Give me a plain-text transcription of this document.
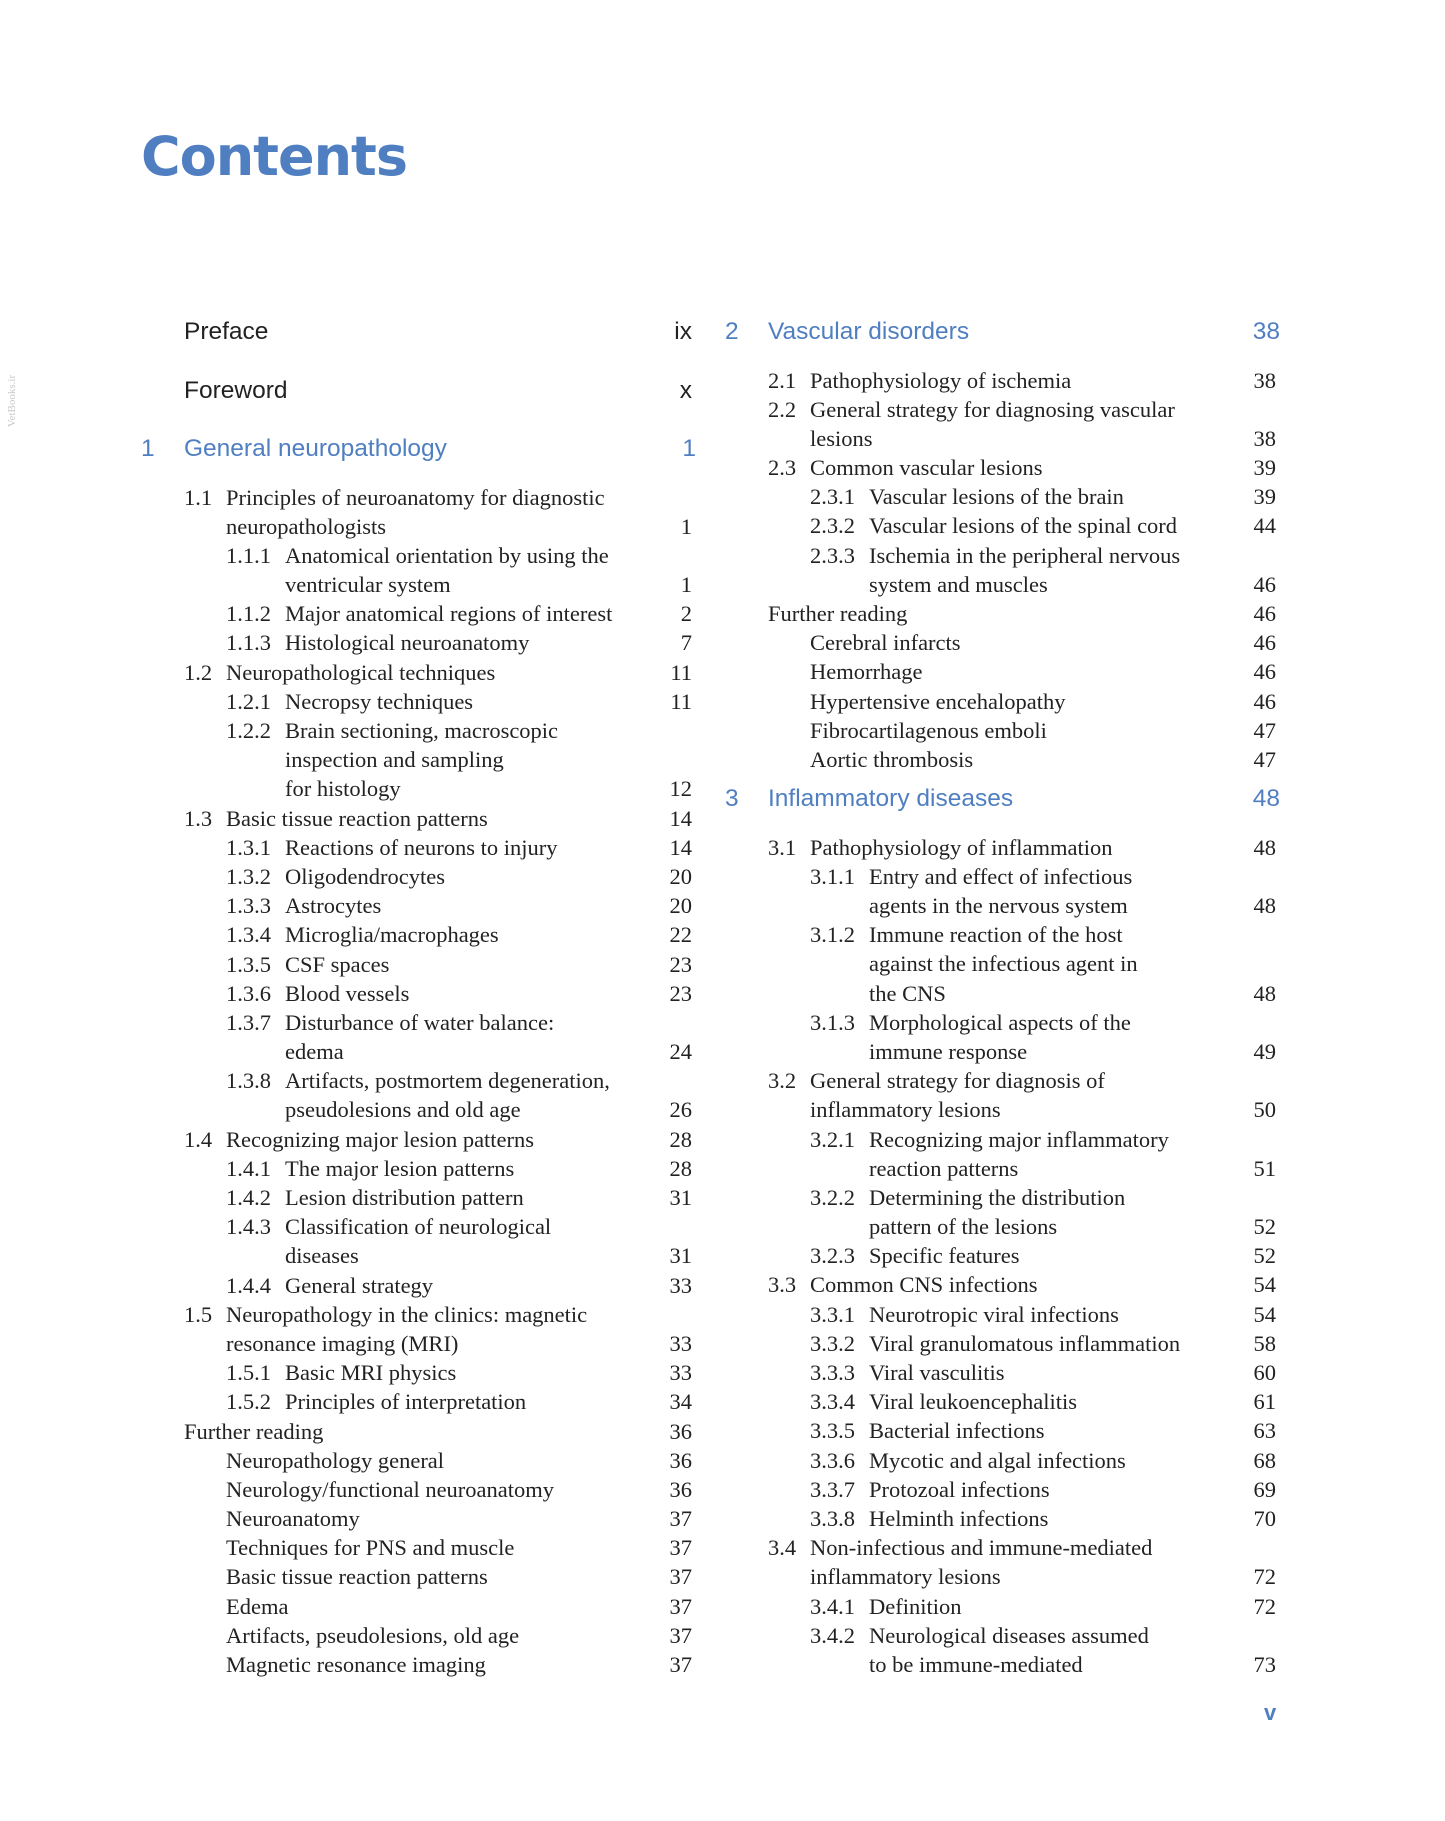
VetBooks.ir
Contents
Preface	ix
Foreword	x
1 General neuropathology	1
1.1 Principles of neuroanatomy for diagnostic
neuropathologists	1
1.1.1 Anatomical orientation by using the
ventricular system	1
1.1.2 Major anatomical regions of interest	2
1.1.3 Histological neuroanatomy	7
1.2 Neuropathological techniques	11
1.2.1 Necropsy techniques	11
1.2.2 Brain sectioning, macroscopic
inspection and sampling
for histology	12
1.3 Basic tissue reaction patterns	14
1.3.1 Reactions of neurons to injury	14
1.3.2 Oligodendrocytes	20
1.3.3 Astrocytes	20
1.3.4 Microglia/macrophages	22
1.3.5 CSF spaces	23
1.3.6 Blood vessels	23
1.3.7 Disturbance of water balance:
edema	24
1.3.8 Artifacts, postmortem degeneration,
pseudolesions and old age	26
1.4 Recognizing major lesion patterns	28
1.4.1 The major lesion patterns	28
1.4.2 Lesion distribution pattern	31
1.4.3 Classification of neurological
diseases	31
1.4.4 General strategy	33
1.5 Neuropathology in the clinics: magnetic
resonance imaging (MRI)	33
1.5.1 Basic MRI physics	33
1.5.2 Principles of interpretation	34
Further reading	36
Neuropathology general	36
Neurology/functional neuroanatomy	36
Neuroanatomy	37
Techniques for PNS and muscle	37
Basic tissue reaction patterns	37
Edema	37
Artifacts, pseudolesions, old age	37
Magnetic resonance imaging	37
2 Vascular disorders	38
2.1 Pathophysiology of ischemia	38
2.2 General strategy for diagnosing vascular
lesions	38
2.3 Common vascular lesions	39
2.3.1 Vascular lesions of the brain	39
2.3.2 Vascular lesions of the spinal cord	44
2.3.3 Ischemia in the peripheral nervous
system and muscles	46
Further reading	46
Cerebral infarcts	46
Hemorrhage	46
Hypertensive encehalopathy	46
Fibrocartilagenous emboli	47
Aortic thrombosis	47
3 Inflammatory diseases	48
3.1 Pathophysiology of inflammation	48
3.1.1 Entry and effect of infectious
agents in the nervous system	48
3.1.2 Immune reaction of the host
against the infectious agent in
the CNS	48
3.1.3 Morphological aspects of the
immune response	49
3.2 General strategy for diagnosis of
inflammatory lesions	50
3.2.1 Recognizing major inflammatory
reaction patterns	51
3.2.2 Determining the distribution
pattern of the lesions	52
3.2.3 Specific features	52
3.3 Common CNS infections	54
3.3.1 Neurotropic viral infections	54
3.3.2 Viral granulomatous inflammation	58
3.3.3 Viral vasculitis	60
3.3.4 Viral leukoencephalitis	61
3.3.5 Bacterial infections	63
3.3.6 Mycotic and algal infections	68
3.3.7 Protozoal infections	69
3.3.8 Helminth infections	70
3.4 Non-infectious and immune-mediated
inflammatory lesions	72
3.4.1 Definition	72
3.4.2 Neurological diseases assumed
to be immune-mediated	73
v
